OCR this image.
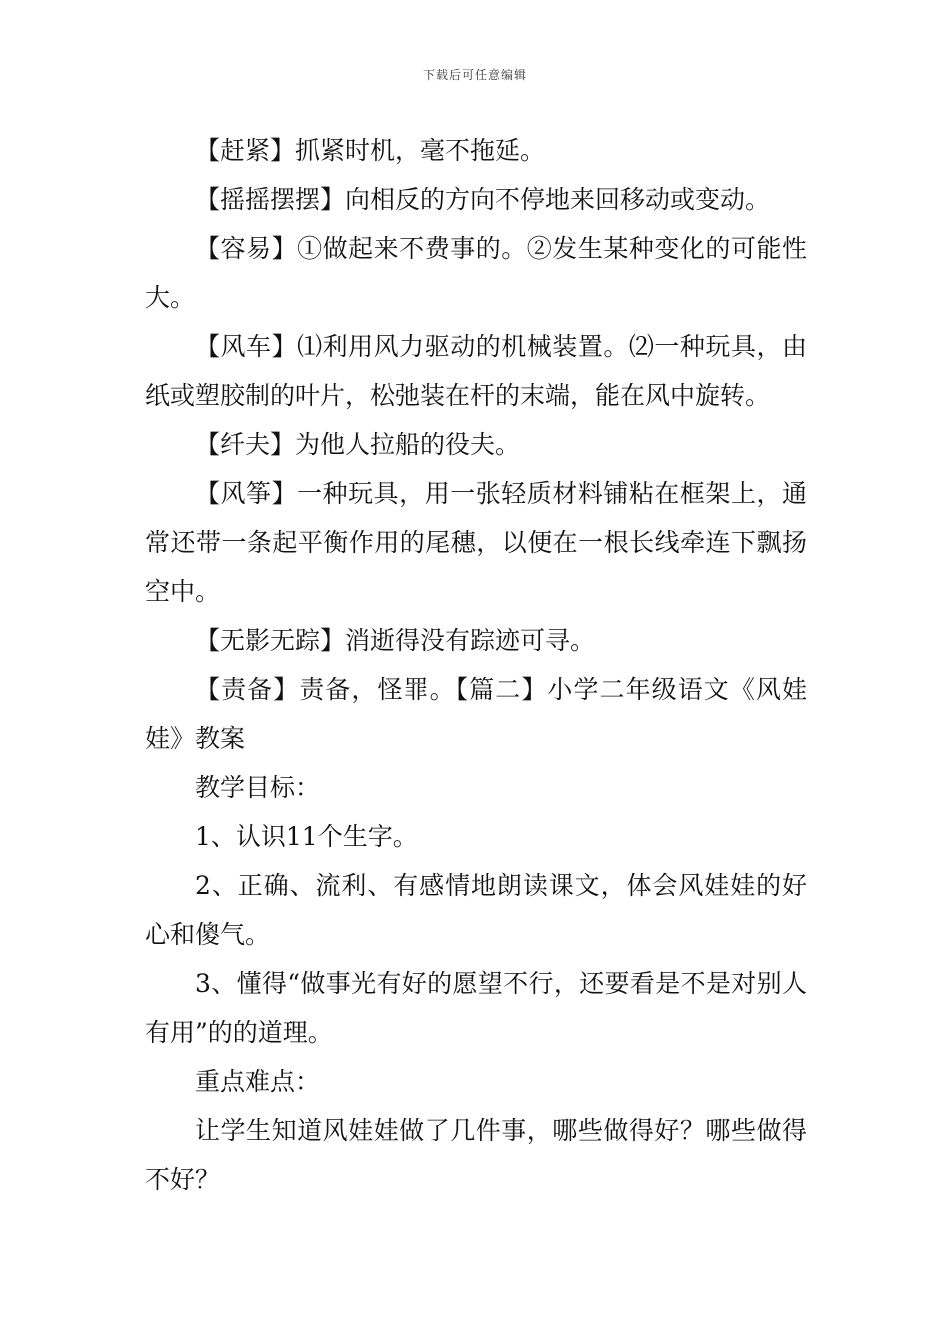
下载后可任意编辑

【赶紧】抓紧时机，毫不拖延。

【摇摇摆摆】向相反的方向不停地来回移动或变动。

【容易】①做起来不费事的。②发生某种变化的可能性大。

【风车】⑴利用风力驱动的机械装置。⑵一种玩具，由纸或塑胶制的叶片，松弛装在杆的末端，能在风中旋转。

【纤夫】为他人拉船的役夫。

【风筝】一种玩具，用一张轻质材料铺粘在框架上，通常还带一条起平衡作用的尾穗，以便在一根长线牵连下飘扬空中。

【无影无踪】消逝得没有踪迹可寻。

【责备】责备，怪罪。【篇二】小学二年级语文《风娃娃》教案

教学目标：

1、认识11个生字。

2、正确、流利、有感情地朗读课文，体会风娃娃的好心和傻气。

3、懂得“做事光有好的愿望不行，还要看是不是对别人有用”的的道理。

重点难点：

让学生知道风娃娃做了几件事，哪些做得好？哪些做得不好？
